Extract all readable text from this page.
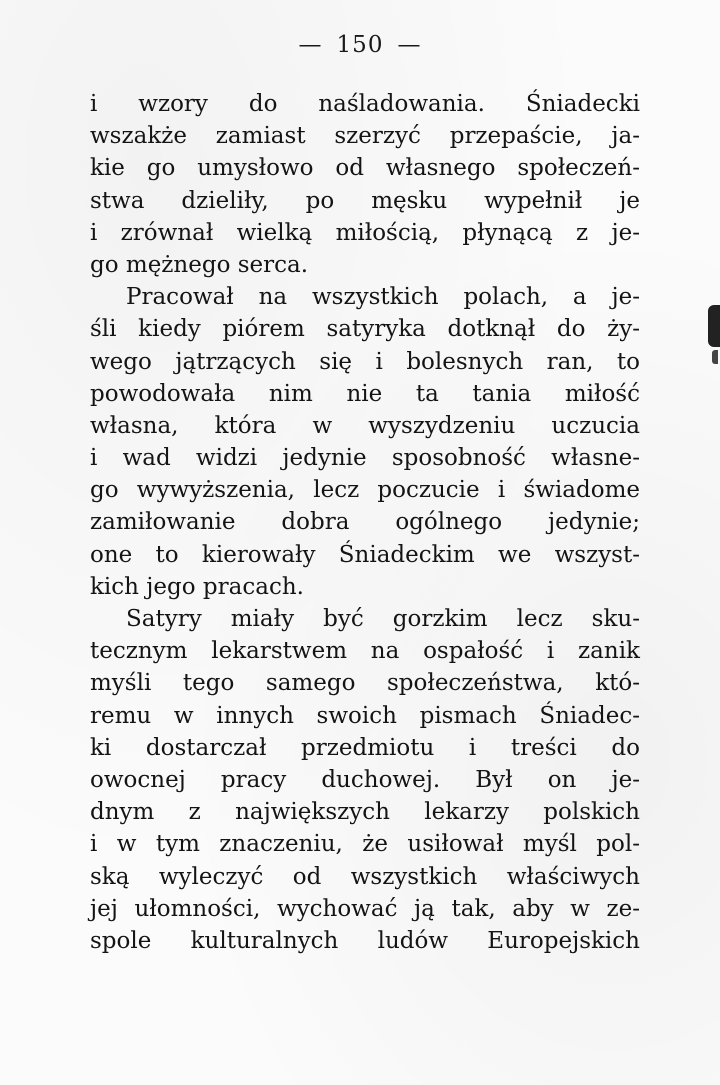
— 150 —
i wzory do naśladowania. Śniadecki
wszakże zamiast szerzyć przepaście, ja-
kie go umysłowo od własnego społeczeń-
stwa dzieliły, po męsku wypełnił je
i zrównał wielką miłością, płynącą z je-
go mężnego serca.
Pracował na wszystkich polach, a je-
śli kiedy piórem satyryka dotknął do ży-
wego jątrzących się i bolesnych ran, to
powodowała nim nie ta tania miłość
własna, która w wyszydzeniu uczucia
i wad widzi jedynie sposobność własne-
go wywyższenia, lecz poczucie i świadome
zamiłowanie dobra ogólnego jedynie;
one to kierowały Śniadeckim we wszyst-
kich jego pracach.
Satyry miały być gorzkim lecz sku-
tecznym lekarstwem na ospałość i zanik
myśli tego samego społeczeństwa, któ-
remu w innych swoich pismach Śniadec-
ki dostarczał przedmiotu i treści do
owocnej pracy duchowej. Był on je-
dnym z największych lekarzy polskich
i w tym znaczeniu, że usiłował myśl pol-
ską wyleczyć od wszystkich właściwych
jej ułomności, wychować ją tak, aby w ze-
spole kulturalnych ludów Europejskich
